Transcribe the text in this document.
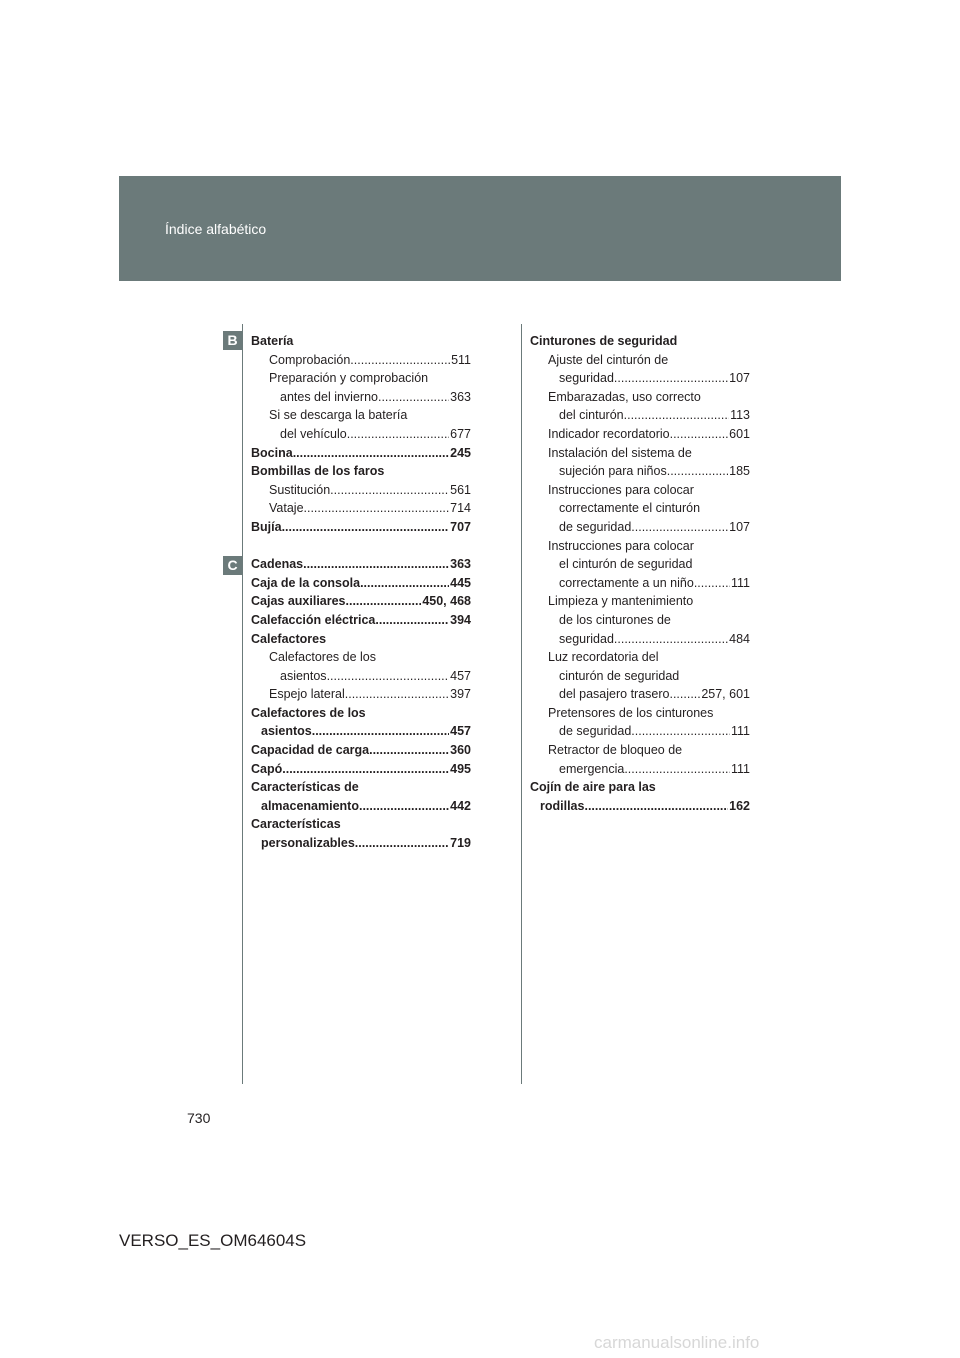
Índice alfabético
B
C
Batería
Comprobación .....	511
Preparación y comprobación
antes del invierno .....	363
Si se descarga la batería
del vehículo .....	677
Bocina .....	245
Bombillas de los faros
Sustitución .....	561
Vataje .....	714
Bujía .....	707
Cadenas .....	363
Caja de la consola .....	445
Cajas auxiliares .....	450, 468
Calefacción eléctrica .....	394
Calefactores
Calefactores de los
asientos .....	457
Espejo lateral .....	397
Calefactores de los
asientos .....	457
Capacidad de carga .....	360
Capó .....	495
Características de
almacenamiento .....	442
Características
personalizables .....	719
Cinturones de seguridad
Ajuste del cinturón de
seguridad .....	107
Embarazadas, uso correcto
del cinturón .....	113
Indicador recordatorio .....	601
Instalación del sistema de
sujeción para niños .....	185
Instrucciones para colocar
correctamente el cinturón
de seguridad .....	107
Instrucciones para colocar
el cinturón de seguridad
correctamente a un niño .....	111
Limpieza y mantenimiento
de los cinturones de
seguridad .....	484
Luz recordatoria del
cinturón de seguridad
del pasajero trasero .....	257, 601
Pretensores de los cinturones
de seguridad .....	111
Retractor de bloqueo de
emergencia .....	111
Cojín de aire para las
rodillas .....	162
730
VERSO_ES_OM64604S
carmanualsonline.info
